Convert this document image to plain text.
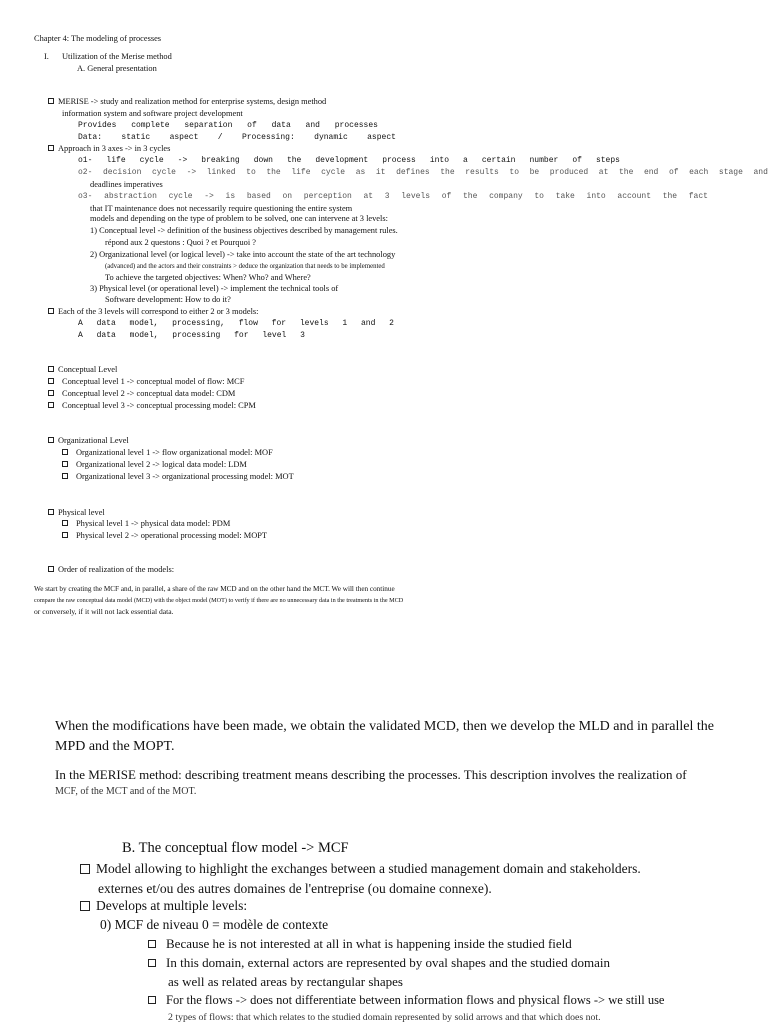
Chapter 4: The modeling of processes
I. Utilization of the Merise method
A. General presentation
MERISE -> study and realization method for enterprise systems, design method
information system and software project development
Provides complete separation of data and processes
Data: static aspect / Processing: dynamic aspect
Approach in 3 axes -> in 3 cycles
o1- life cycle -> breaking down the development process into a certain number of steps
o2- decision cycle -> linked to the life cycle as it defines the results to be produced at the end of each stage and
deadlines imperatives
o3- abstraction cycle -> is based on perception at 3 levels of the company to take into account the fact
that IT maintenance does not necessarily require questioning the entire system
models and depending on the type of problem to be solved, one can intervene at 3 levels:
1) Conceptual level -> definition of the business objectives described by management rules.
répond aux 2 questons : Quoi ? et Pourquoi ?
2) Organizational level (or logical level) -> take into account the state of the art technology
(advanced) and the actors and their constraints > deduce the organization that needs to be implemented
To achieve the targeted objectives: When? Who? and Where?
3) Physical level (or operational level) -> implement the technical tools of
Software development: How to do it?
Each of the 3 levels will correspond to either 2 or 3 models:
A data model, processing, flow for levels 1 and 2
A data model, processing for level 3
Conceptual Level
Conceptual level 1 -> conceptual model of flow: MCF
Conceptual level 2 -> conceptual data model: CDM
Conceptual level 3 -> conceptual processing model: CPM
Organizational Level
Organizational level 1 -> flow organizational model: MOF
Organizational level 2 -> logical data model: LDM
Organizational level 3 -> organizational processing model: MOT
Physical level
Physical level 1 -> physical data model: PDM
Physical level 2 -> operational processing model: MOPT
Order of realization of the models:
We start by creating the MCF and, in parallel, a share of the raw MCD and on the other hand the MCT. We will then continue
compare the raw conceptual data model (MCD) with the object model (MOT) to verify if there are no unnecessary data in the treatments in the MCD
or conversely, if it will not lack essential data.
When the modifications have been made, we obtain the validated MCD, then we develop the MLD and in parallel the
MPD and the MOPT.
In the MERISE method: describing treatment means describing the processes. This description involves the realization of
MCF, of the MCT and of the MOT.
B. The conceptual flow model -> MCF
Model allowing to highlight the exchanges between a studied management domain and stakeholders.
externes et/ou des autres domaines de l'entreprise (ou domaine connexe).
Develops at multiple levels:
0) MCF de niveau 0 = modèle de contexte
Because he is not interested at all in what is happening inside the studied field
In this domain, external actors are represented by oval shapes and the studied domain
as well as related areas by rectangular shapes
For the flows -> does not differentiate between information flows and physical flows -> we still use
2 types of flows: that which relates to the studied domain represented by solid arrows and that which does not.
